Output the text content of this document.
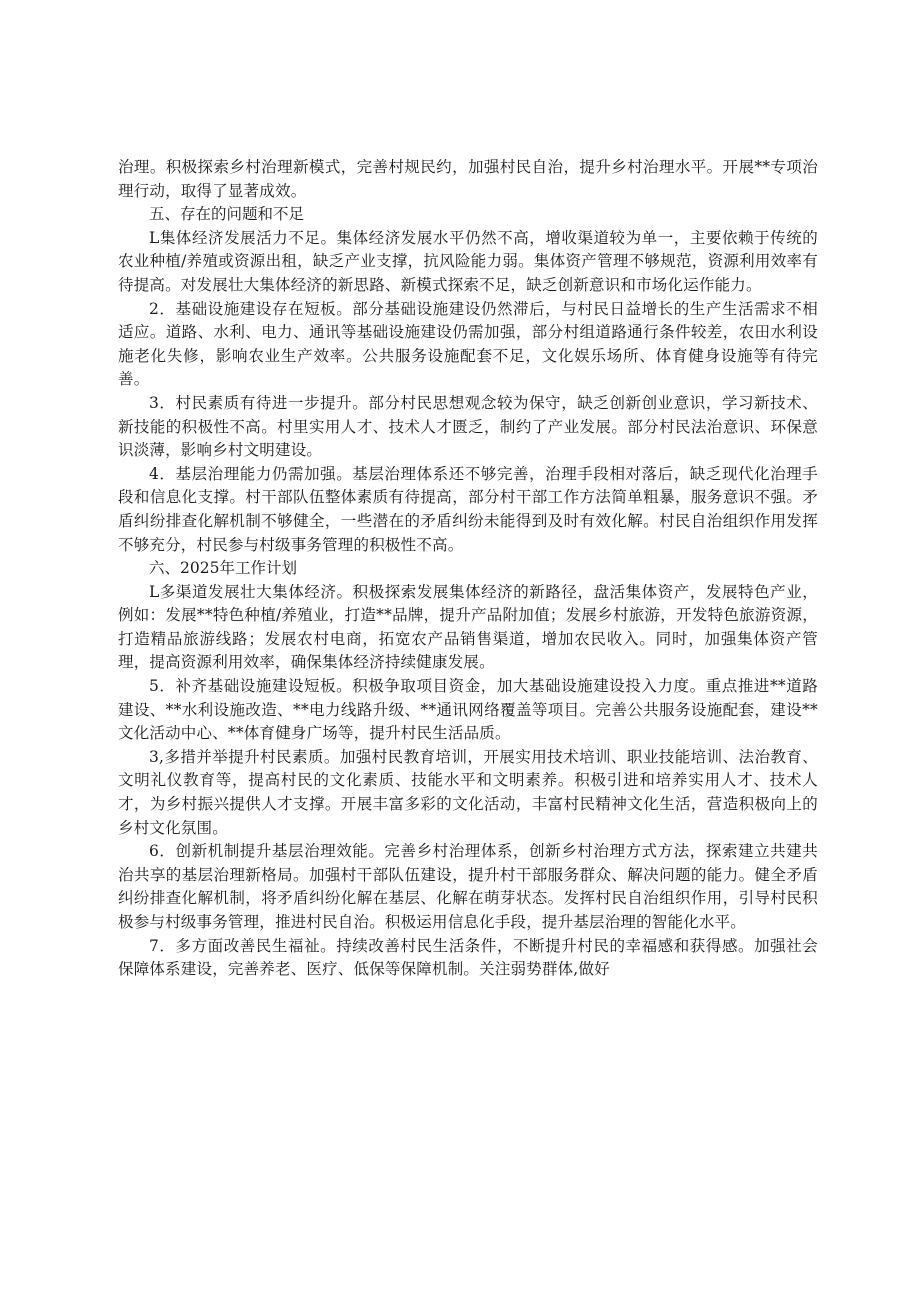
治理。积极探索乡村治理新模式，完善村规民约，加强村民自治，提升乡村治理水平。开展**专项治理行动，取得了显著成效。

五、存在的问题和不足

L集体经济发展活力不足。集体经济发展水平仍然不高，增收渠道较为单一，主要依赖于传统的农业种植/养殖或资源出租，缺乏产业支撑，抗风险能力弱。集体资产管理不够规范，资源利用效率有待提高。对发展壮大集体经济的新思路、新模式探索不足，缺乏创新意识和市场化运作能力。

2．基础设施建设存在短板。部分基础设施建设仍然滞后，与村民日益增长的生产生活需求不相适应。道路、水利、电力、通讯等基础设施建设仍需加强，部分村组道路通行条件较差，农田水利设施老化失修，影响农业生产效率。公共服务设施配套不足，文化娱乐场所、体育健身设施等有待完善。

3．村民素质有待进一步提升。部分村民思想观念较为保守，缺乏创新创业意识，学习新技术、新技能的积极性不高。村里实用人才、技术人才匮乏，制约了产业发展。部分村民法治意识、环保意识淡薄，影响乡村文明建设。

4．基层治理能力仍需加强。基层治理体系还不够完善，治理手段相对落后，缺乏现代化治理手段和信息化支撑。村干部队伍整体素质有待提高，部分村干部工作方法简单粗暴，服务意识不强。矛盾纠纷排查化解机制不够健全，一些潜在的矛盾纠纷未能得到及时有效化解。村民自治组织作用发挥不够充分，村民参与村级事务管理的积极性不高。

六、2025年工作计划

L多渠道发展壮大集体经济。积极探索发展集体经济的新路径，盘活集体资产，发展特色产业，例如：发展**特色种植/养殖业，打造**品牌，提升产品附加值；发展乡村旅游，开发特色旅游资源，打造精品旅游线路；发展农村电商，拓宽农产品销售渠道，增加农民收入。同时，加强集体资产管理，提高资源利用效率，确保集体经济持续健康发展。

5．补齐基础设施建设短板。积极争取项目资金，加大基础设施建设投入力度。重点推进**道路建设、**水利设施改造、**电力线路升级、**通讯网络覆盖等项目。完善公共服务设施配套，建设**文化活动中心、**体育健身广场等，提升村民生活品质。

3,多措并举提升村民素质。加强村民教育培训，开展实用技术培训、职业技能培训、法治教育、文明礼仪教育等，提高村民的文化素质、技能水平和文明素养。积极引进和培养实用人才、技术人才，为乡村振兴提供人才支撑。开展丰富多彩的文化活动，丰富村民精神文化生活，营造积极向上的乡村文化氛围。

6．创新机制提升基层治理效能。完善乡村治理体系，创新乡村治理方式方法，探索建立共建共治共享的基层治理新格局。加强村干部队伍建设，提升村干部服务群众、解决问题的能力。健全矛盾纠纷排查化解机制，将矛盾纠纷化解在基层、化解在萌芽状态。发挥村民自治组织作用，引导村民积极参与村级事务管理，推进村民自治。积极运用信息化手段，提升基层治理的智能化水平。

7．多方面改善民生福祉。持续改善村民生活条件，不断提升村民的幸福感和获得感。加强社会保障体系建设，完善养老、医疗、低保等保障机制。关注弱势群体,做好
